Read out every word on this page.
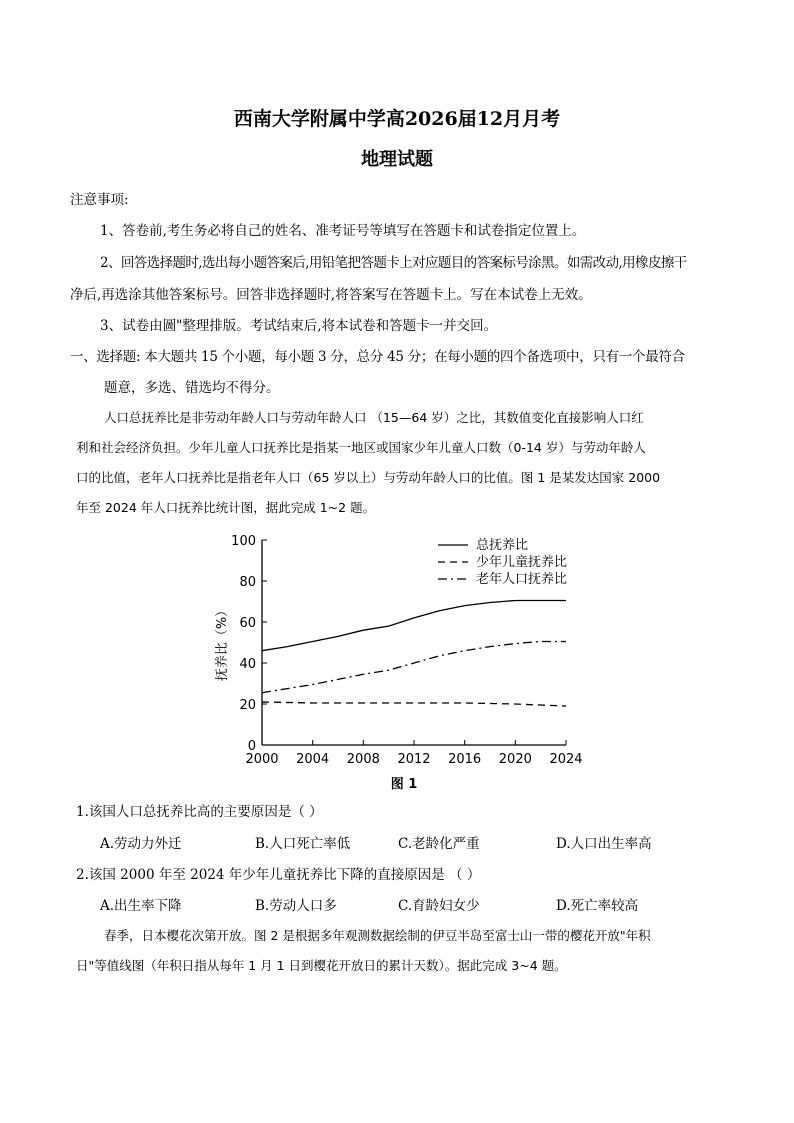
西南大学附属中学高2026届12月月考
地理试题
注意事项:
1、答卷前,考生务必将自己的姓名、准考证号等填写在答题卡和试卷指定位置上。
2、回答选择题时,选出每小题答案后,用铅笔把答题卡上对应题目的答案标号涂黑。如需改动,用橡皮擦干
净后,再选涂其他答案标号。回答非选择题时,将答案写在答题卡上。写在本试卷上无效。
3、试卷由圖"整理排版。考试结束后,将本试卷和答题卡一并交回。
一、选择题: 本大题共 15 个小题，每小题 3 分，总分 45 分；在每小题的四个备选项中，只有一个最符合
题意，多选、错选均不得分。
人口总抚养比是非劳动年龄人口与劳动年龄人口 （15—64 岁）之比，其数值变化直接影响人口红
利和社会经济负担。少年儿童人口抚养比是指某一地区或国家少年儿童人口数（0-14 岁）与劳动年龄人
口的比值，老年人口抚养比是指老年人口（65 岁以上）与劳动年龄人口的比值。图 1 是某发达国家 2000
年至 2024 年人口抚养比统计图，据此完成 1~2 题。
0
20
40
60
80
100
2000 2004 2008 2012 2016 2020 2024
抚养比（%）
图 1
总抚养比
少年儿童抚养比
老年人口抚养比
1.该国人口总抚养比高的主要原因是（ ）
A.劳动力外迁	B.人口死亡率低	C.老龄化严重	D.人口出生率高
2.该国 2000 年至 2024 年少年儿童抚养比下降的直接原因是 （ ）
A.出生率下降	B.劳动人口多	C.育龄妇女少	D.死亡率较高
春季，日本樱花次第开放。图 2 是根据多年观测数据绘制的伊豆半岛至富士山一带的樱花开放"年积
日"等值线图（年积日指从每年 1 月 1 日到樱花开放日的累计天数）。据此完成 3~4 题。
